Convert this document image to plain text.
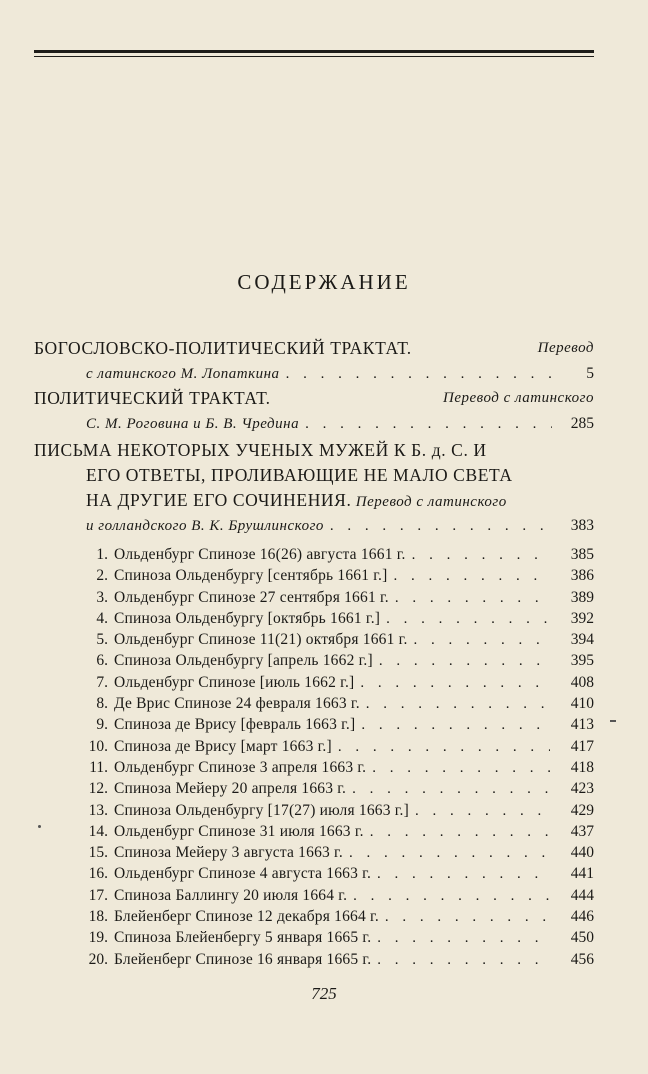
СОДЕРЖАНИЕ
БОГОСЛОВСКО-ПОЛИТИЧЕСКИЙ ТРАКТАТ.	Перевод
с латинского М. Лопаткина . . .	5
ПОЛИТИЧЕСКИЙ ТРАКТАТ.	Перевод с латинского
С. М. Роговина и Б. В. Чредина . . .	285
ПИСЬМА НЕКОТОРЫХ УЧЕНЫХ МУЖЕЙ К Б. д. С. И
ЕГО ОТВЕТЫ, ПРОЛИВАЮЩИЕ НЕ МАЛО СВЕТА
НА ДРУГИЕ ЕГО СОЧИНЕНИЯ. Перевод с латинского
и голландского В. К. Брушлинского . . .	383
1. Ольденбург Спинозе 16(26) августа 1661 г. . . .	385
2. Спиноза Ольденбургу [сентябрь 1661 г.] . . .	386
3. Ольденбург Спинозе 27 сентября 1661 г. . . .	389
4. Спиноза Ольденбургу [октябрь 1661 г.] . . .	392
5. Ольденбург Спинозе 11(21) октября 1661 г. . . .	394
6. Спиноза Ольденбургу [апрель 1662 г.] . . .	395
7. Ольденбург Спинозе [июль 1662 г.] . . .	408
8. Де Врис Спинозе 24 февраля 1663 г. . . .	410
9. Спиноза де Врису [февраль 1663 г.] . . .	413
10. Спиноза де Врису [март 1663 г.] . . .	417
11. Ольденбург Спинозе 3 апреля 1663 г. . . .	418
12. Спиноза Мейеру 20 апреля 1663 г. . . .	423
13. Спиноза Ольденбургу [17(27) июля 1663 г.] . . .	429
14. Ольденбург Спинозе 31 июля 1663 г. . . .	437
15. Спиноза Мейеру 3 августа 1663 г. . . .	440
16. Ольденбург Спинозе 4 августа 1663 г. . . .	441
17. Спиноза Баллингу 20 июля 1664 г. . . .	444
18. Блейенберг Спинозе 12 декабря 1664 г. . . .	446
19. Спиноза Блейенбергу 5 января 1665 г. . . .	450
20. Блейенберг Спинозе 16 января 1665 г. . . .	456
725
